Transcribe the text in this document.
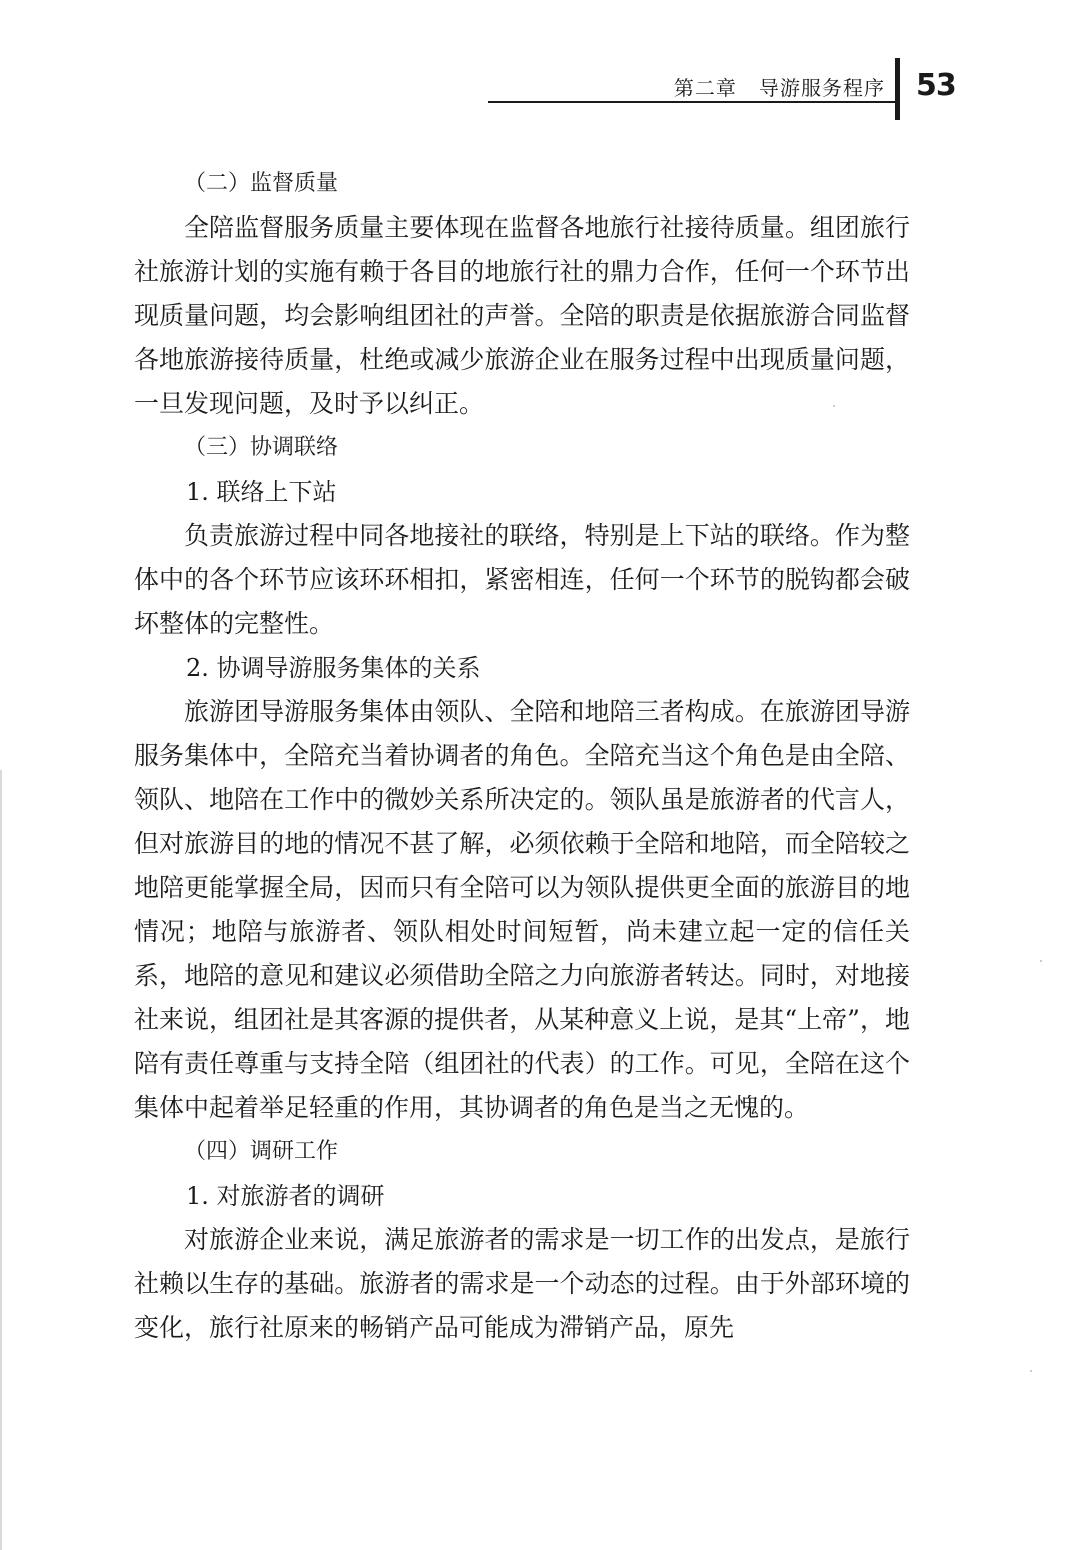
第二章   导游服务程序 53

（二）监督质量

全陪监督服务质量主要体现在监督各地旅行社接待质量。组团旅行社旅游计划的实施有赖于各目的地旅行社的鼎力合作，任何一个环节出现质量问题，均会影响组团社的声誉。全陪的职责是依据旅游合同监督各地旅游接待质量，杜绝或减少旅游企业在服务过程中出现质量问题，一旦发现问题，及时予以纠正。

（三）协调联络

1. 联络上下站

负责旅游过程中同各地接社的联络，特别是上下站的联络。作为整体中的各个环节应该环环相扣，紧密相连，任何一个环节的脱钩都会破坏整体的完整性。

2. 协调导游服务集体的关系

旅游团导游服务集体由领队、全陪和地陪三者构成。在旅游团导游服务集体中，全陪充当着协调者的角色。全陪充当这个角色是由全陪、领队、地陪在工作中的微妙关系所决定的。领队虽是旅游者的代言人，但对旅游目的地的情况不甚了解，必须依赖于全陪和地陪，而全陪较之地陪更能掌握全局，因而只有全陪可以为领队提供更全面的旅游目的地情况；地陪与旅游者、领队相处时间短暂，尚未建立起一定的信任关系，地陪的意见和建议必须借助全陪之力向旅游者转达。同时，对地接社来说，组团社是其客源的提供者，从某种意义上说，是其“上帝”，地陪有责任尊重与支持全陪（组团社的代表）的工作。可见，全陪在这个集体中起着举足轻重的作用，其协调者的角色是当之无愧的。

（四）调研工作

1. 对旅游者的调研

对旅游企业来说，满足旅游者的需求是一切工作的出发点，是旅行社赖以生存的基础。旅游者的需求是一个动态的过程。由于外部环境的变化，旅行社原来的畅销产品可能成为滞销产品，原先
